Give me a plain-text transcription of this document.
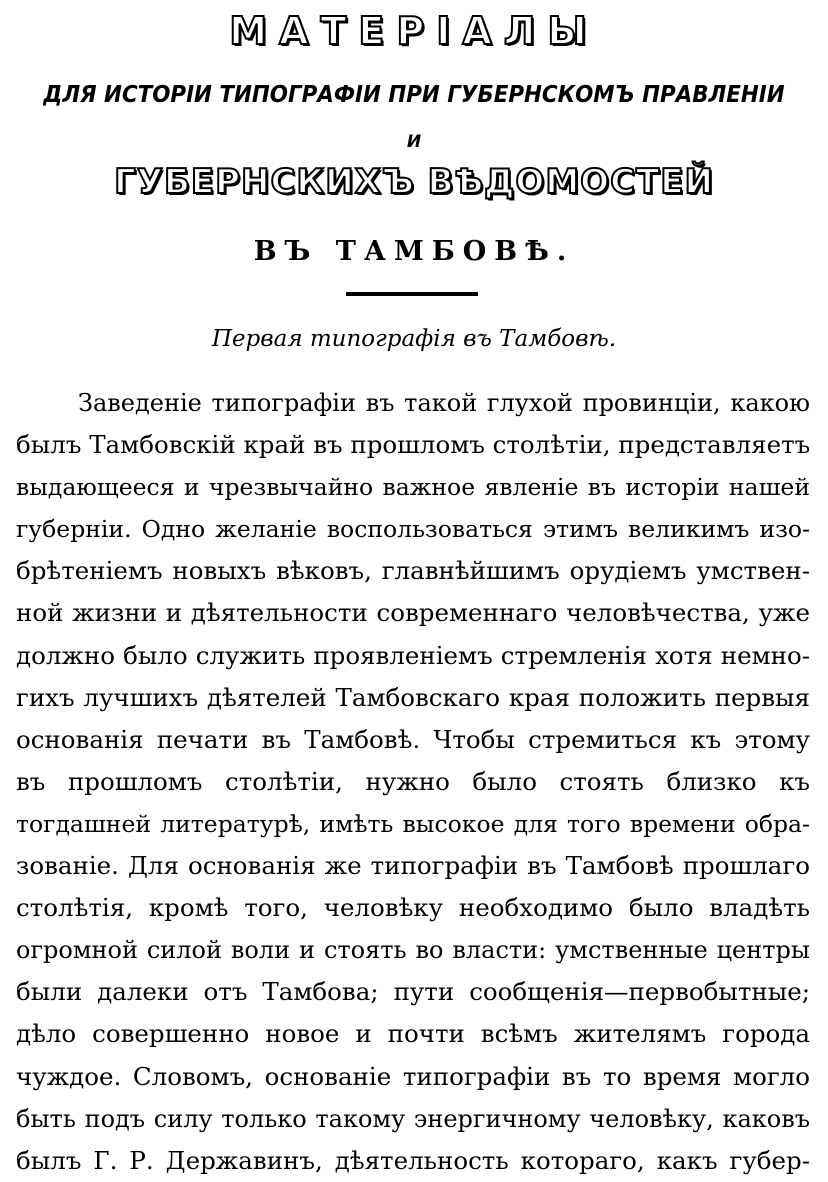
МАТЕРІАЛЫ
ДЛЯ ИСТОРІИ ТИПОГРАФІИ ПРИ ГУБЕРНСКОМЪ ПРАВЛЕНІИ
И
ГУБЕРНСКИХЪ ВѢДОМОСТЕЙ
ВЪ ТАМБОВѢ.
Первая типографія въ Тамбовѣ.
Заведеніе типографіи въ такой глухой провинціи, какою
былъ Тамбовскій край въ прошломъ столѣтіи, представляетъ
выдающееся и чрезвычайно важное явленіе въ исторіи нашей
губерніи. Одно желаніе воспользоваться этимъ великимъ изо-
брѣтеніемъ новыхъ вѣковъ, главнѣйшимъ орудіемъ умствен-
ной жизни и дѣятельности современнаго человѣчества, уже
должно было служить проявленіемъ стремленія хотя немно-
гихъ лучшихъ дѣятелей Тамбовскаго края положить первыя
основанія печати въ Тамбовѣ. Чтобы стремиться къ этому
въ прошломъ столѣтіи, нужно было стоять близко къ
тогдашней литературѣ, имѣть высокое для того времени обра-
зованіе. Для основанія же типографіи въ Тамбовѣ прошлаго
столѣтія, кромѣ того, человѣку необходимо было владѣть
огромной силой воли и стоять во власти: умственные центры
были далеки отъ Тамбова; пути сообщенія—первобытные;
дѣло совершенно новое и почти всѣмъ жителямъ города
чуждое. Словомъ, основаніе типографіи въ то время могло
быть подъ силу только такому энергичному человѣку, каковъ
былъ Г. Р. Державинъ, дѣятельность котораго, какъ губер-
